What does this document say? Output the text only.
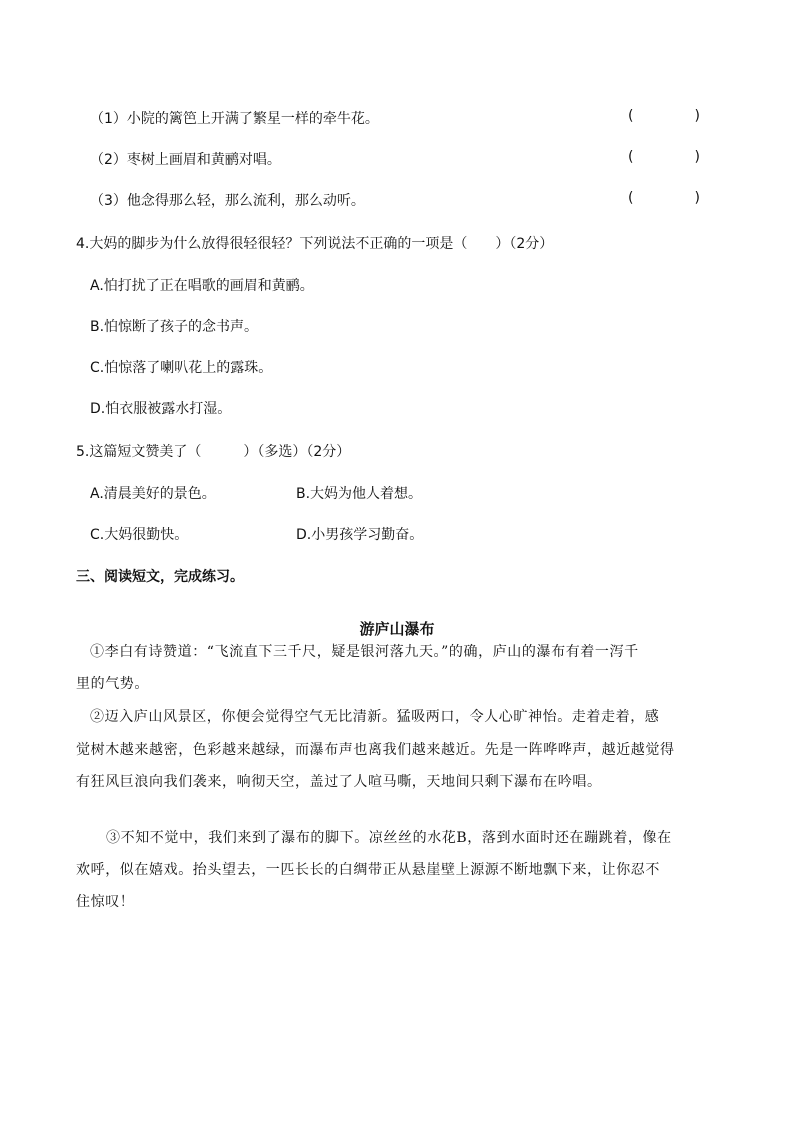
（1）小院的篱笆上开满了繁星一样的牵牛花。	(	)
（2）枣树上画眉和黄鹂对唱。	(	)
（3）他念得那么轻，那么流利，那么动听。	(	)
4.大妈的脚步为什么放得很轻很轻？下列说法不正确的一项是（　　）（2分）
A.怕打扰了正在唱歌的画眉和黄鹂。
B.怕惊断了孩子的念书声。
C.怕惊落了喇叭花上的露珠。
D.怕衣服被露水打湿。
5.这篇短文赞美了（　　　）（多选）（2分）
A.清晨美好的景色。	B.大妈为他人着想。
C.大妈很勤快。	D.小男孩学习勤奋。
三、阅读短文，完成练习。
游庐山瀑布
①李白有诗赞道：“飞流直下三千尺，疑是银河落九天。”的确，庐山的瀑布有着一泻千
里的气势。
②迈入庐山风景区，你便会觉得空气无比清新。猛吸两口，令人心旷神怡。走着走着，感
觉树木越来越密，色彩越来越绿，而瀑布声也离我们越来越近。先是一阵哗哗声，越近越觉得
有狂风巨浪向我们袭来，响彻天空，盖过了人喧马嘶，天地间只剩下瀑布在吟唱。
③不知不觉中，我们来到了瀑布的脚下。凉丝丝的水花B，落到水面时还在蹦跳着，像在
欢呼，似在嬉戏。抬头望去，一匹长长的白绸带正从悬崖壁上源源不断地飘下来，让你忍不
住惊叹！
